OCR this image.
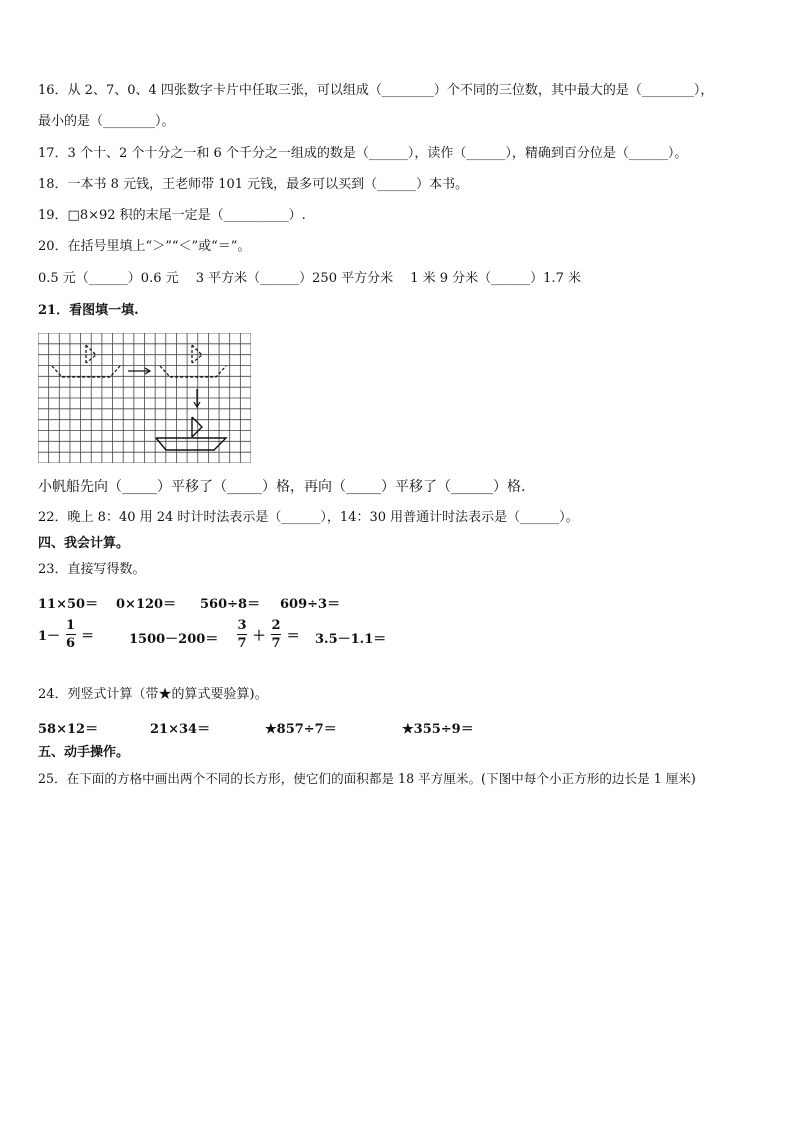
16．从 2、7、0、4 四张数字卡片中任取三张，可以组成（________）个不同的三位数，其中最大的是（________），
最小的是（________）。
17．3 个十、2 个十分之一和 6 个千分之一组成的数是（______），读作（______），精确到百分位是（______）。
18．一本书 8 元钱，王老师带 101 元钱，最多可以买到（______）本书。
19．□8×92 积的末尾一定是（__________）.
20．在括号里填上“＞”“＜”或“＝”。
0.5 元（______）0.6 元　 3 平方米（______）250 平方分米　 1 米 9 分米（______）1.7 米
21．看图填一填.
小帆船先向（_____）平移了（_____）格，再向（_____）平移了（______）格.
22．晚上 8：40 用 24 时计时法表示是（______），14：30 用普通计时法表示是（______）。
四、我会计算。
23．直接写得数。
11×50＝ 0×120＝ 560÷8＝ 609÷3＝
$1- \frac{1}{6}$ ＝	$1500-200= \frac{3}{7} + \frac{2}{7} = 3.5-1.1=$
24．列竖式计算（带★的算式要验算)。
58×12＝	21×34＝	★857÷7＝	★355÷9＝
五、动手操作。
25．在下面的方格中画出两个不同的长方形，使它们的面积都是 18 平方厘米。(下图中每个小正方形的边长是 1 厘米)
